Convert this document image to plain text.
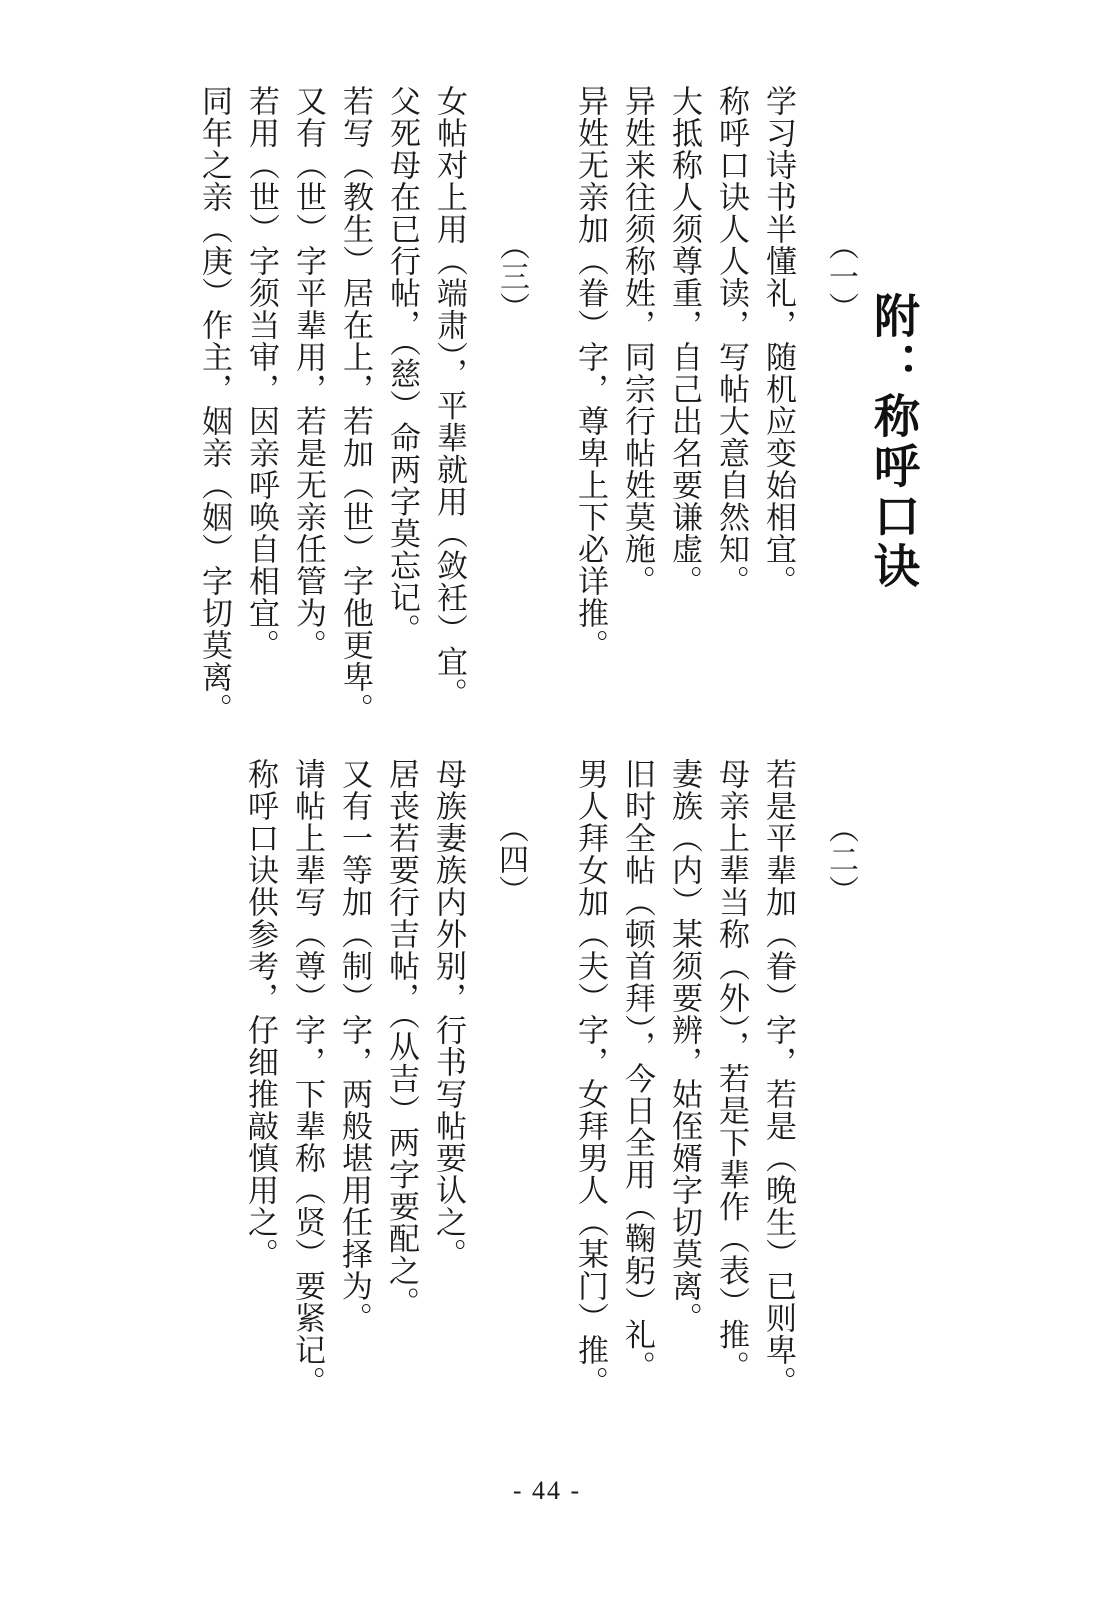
附：称呼口诀
（一）
学习诗书半懂礼，随机应变始相宜。
称呼口诀人人读，写帖大意自然知。
大抵称人须尊重，自己出名要谦虚。
异姓来往须称姓，同宗行帖姓莫施。
异姓无亲加（眷）字，尊卑上下必详推。
（三）
女帖对上用（端肃），平辈就用（敛衽）宜。
父死母在已行帖，（慈）命两字莫忘记。
若写（教生）居在上，若加（世）字他更卑。
又有（世）字平辈用，若是无亲任管为。
若用（世）字须当审，因亲呼唤自相宜。
同年之亲（庚）作主，姻亲（姻）字切莫离。
（二）
若是平辈加（眷）字，若是（晚生）已则卑。
母亲上辈当称（外），若是下辈作（表）推。
妻族（内）某须要辨，姑侄婿字切莫离。
旧时全帖（顿首拜），今日全用（鞠躬）礼。
男人拜女加（夫）字，女拜男人（某门）推。
（四）
母族妻族内外别，行书写帖要认之。
居丧若要行吉帖，（从吉）两字要配之。
又有一等加（制）字，两般堪用任择为。
请帖上辈写（尊）字，下辈称（贤）要紧记。
称呼口诀供参考，仔细推敲慎用之。
- 44 -
